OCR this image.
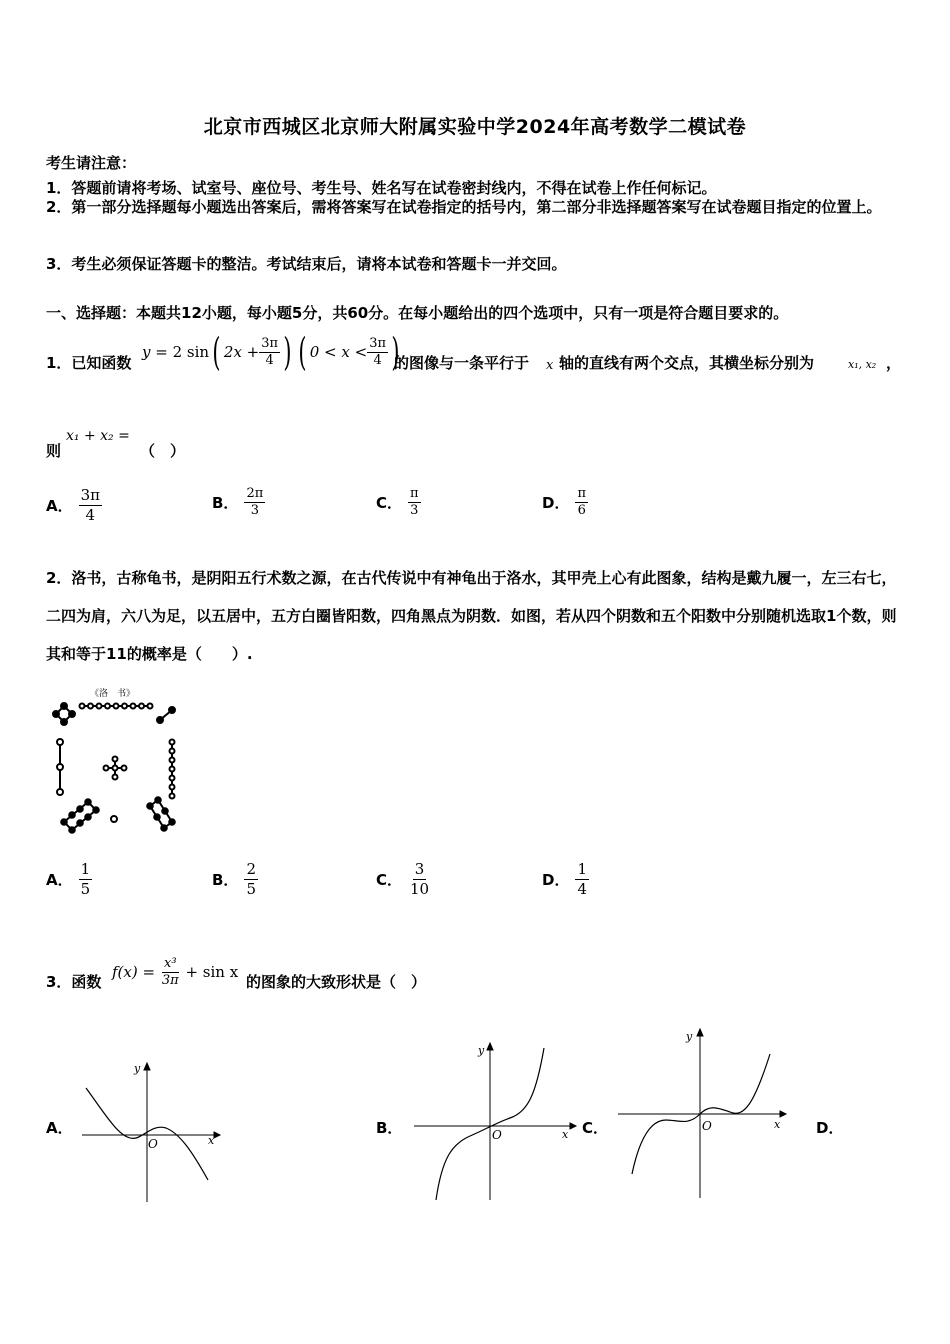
北京市西城区北京师大附属实验中学2024年高考数学二模试卷
考生请注意：
1．答题前请将考场、试室号、座位号、考生号、姓名写在试卷密封线内，不得在试卷上作任何标记。
2．第一部分选择题每小题选出答案后，需将答案写在试卷指定的括号内，第二部分非选择题答案写在试卷题目指定的位置上。
3．考生必须保证答题卡的整洁。考试结束后，请将本试卷和答题卡一并交回。
一、选择题：本题共12小题，每小题5分，共60分。在每小题给出的四个选项中，只有一项是符合题目要求的。
1．已知函数
y
= 2 sin ( $2x + \frac{3\pi}{4}$ ) ( $0 < x < \frac{3\pi}{4}$ )
的图像与一条平行于 x 轴的直线有两个交点，其横坐标分别为	x₁, x₂ ，
则
x₁ + x₂ =
（　）
A． $\frac{3\pi}{4}$	B． $\frac{2\pi}{3}$	C． $\frac{\pi}{3}$	D． $\frac{\pi}{6}$
2．洛书，古称龟书，是阴阳五行术数之源，在古代传说中有神龟出于洛水，其甲壳上心有此图象，结构是戴九履一，左三右七，二四为肩，六八为足，以五居中，五方白圈皆阳数，四角黑点为阴数．如图，若从四个阴数和五个阳数中分别随机选取1个数，则其和等于11的概率是（　　）.
《洛　书》
A． $\frac{1}{5}$	B． $\frac{2}{5}$	C． $\frac{3}{10}$	D． $\frac{1}{4}$
3．函数
f(x) =
$\frac{\text{x³}}{3\pi}$
+ sin x
的图象的大致形状是（　）
A．	B．	C．	D．
x
y
O
x
y
O
x
y
O
